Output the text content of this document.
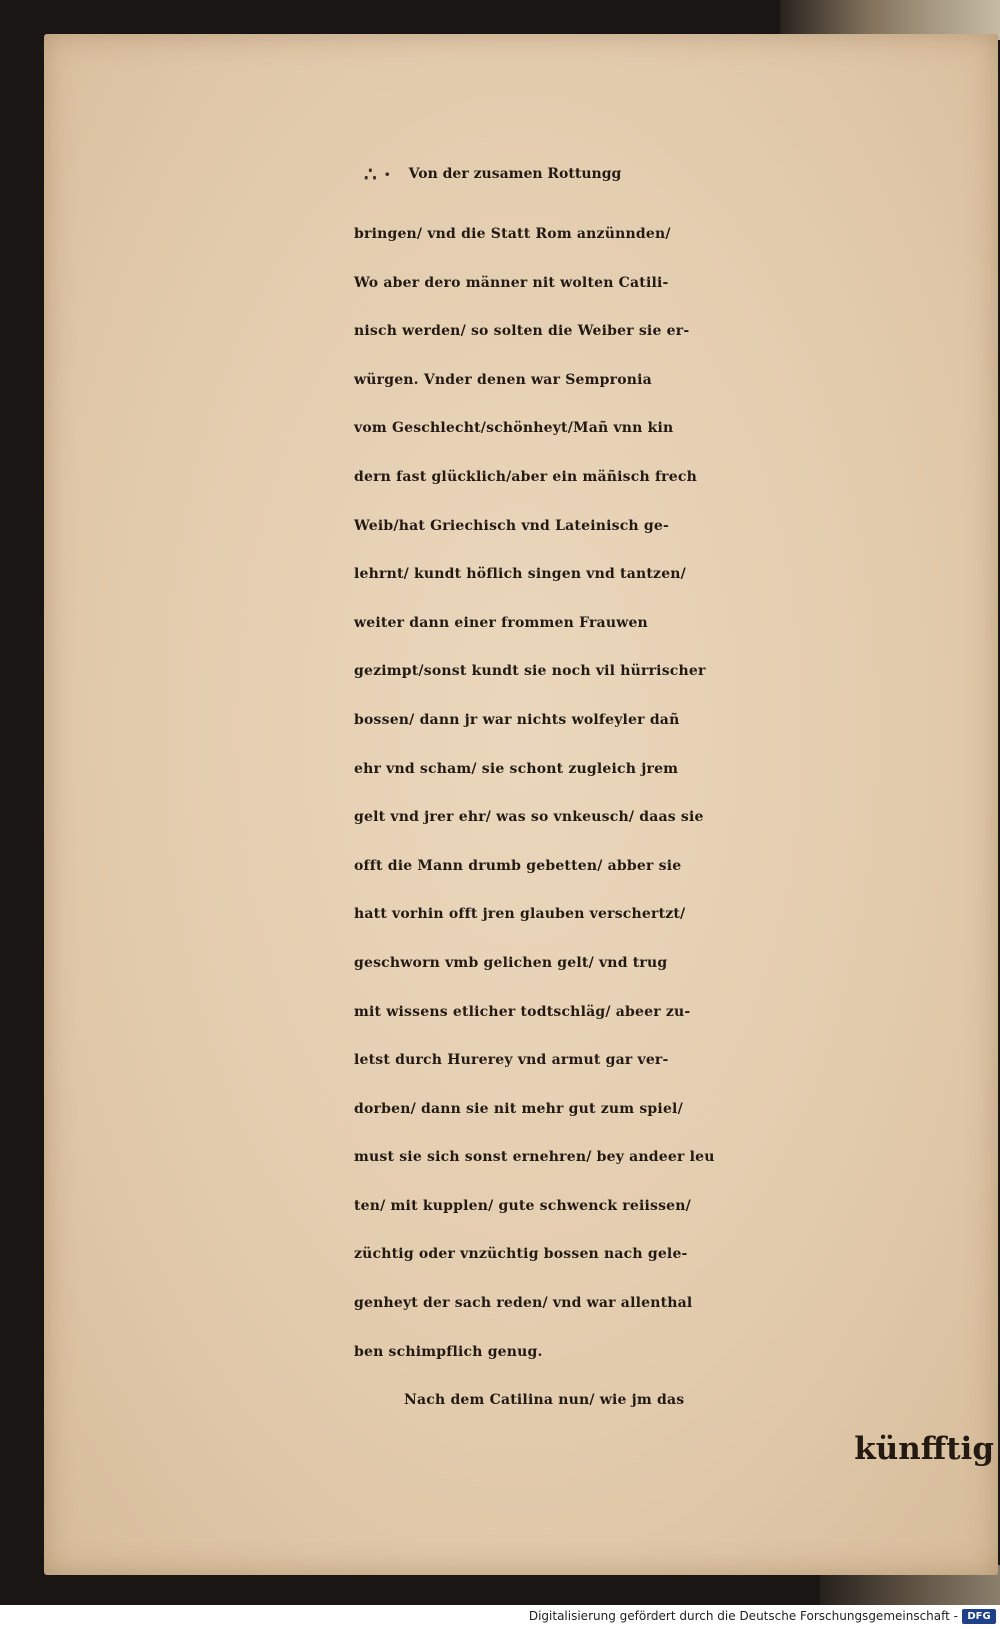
∴ · Von der zusamen Rottungg
bringen/ vnd die Statt Rom anzünnden/
Wo aber dero männer nit wolten Catili-
nisch werden/ so solten die Weiber sie er-
würgen. Vnder denen war Sempronia
vom Geschlecht/schönheyt/Mañ vnn kin
dern fast glücklich/aber ein mäñisch frech
Weib/hat Griechisch vnd Lateinisch ge-
lehrnt/ kundt höflich singen vnd tantzen/
weiter dann einer frommen Frauwen
gezimpt/sonst kundt sie noch vil hürrischer
bossen/ dann jr war nichts wolfeyler dañ
ehr vnd scham/ sie schont zugleich jrem
gelt vnd jrer ehr/ was so vnkeusch/ daas sie
offt die Mann drumb gebetten/ abber sie
hatt vorhin offt jren glauben verschertzt/
geschworn vmb gelichen gelt/ vnd trug
mit wissens etlicher todtschläg/ abeer zu-
letst durch Hurerey vnd armut gar ver-
dorben/ dann sie nit mehr gut zum spiel/
must sie sich sonst ernehren/ bey andeer leu
ten/ mit kupplen/ gute schwenck reiissen/
züchtig oder vnzüchtig bossen nach gele-
genheyt der sach reden/ vnd war allenthal
ben schimpflich genug.
Nach dem Catilina nun/ wie jm das
künfftig
Digitalisierung gefördert durch die Deutsche Forschungsgemeinschaft - DFG
